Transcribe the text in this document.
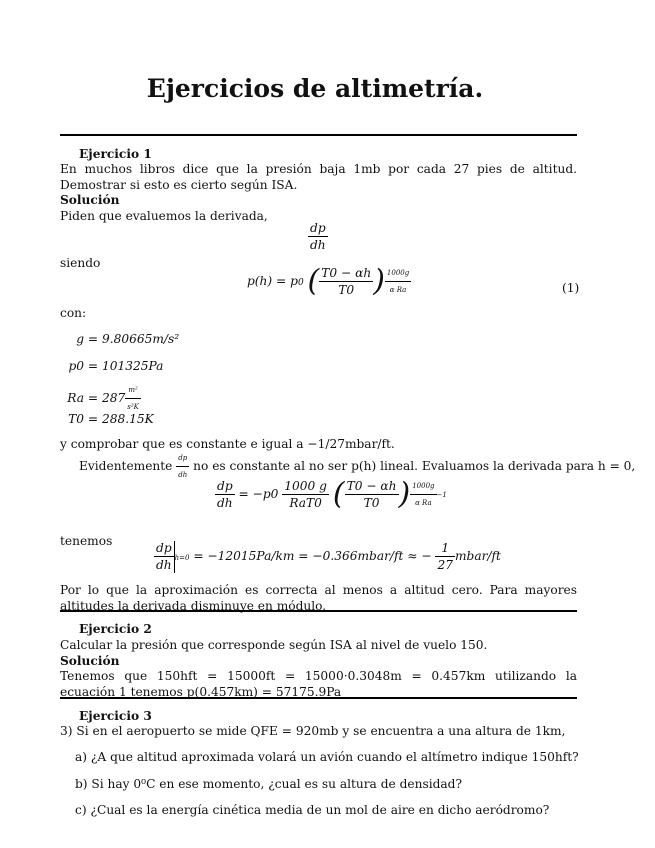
Ejercicios de altimetría.
Ejercicio 1
En muchos libros dice que la presión baja 1mb por cada 27 pies de altitud. Demostrar si esto es cierto según ISA.
Solución
Piden que evaluemos la derivada,
$\frac{dp}{dh}$
siendo
p(h) = p0 ( $\frac{T0 - \alpha h}{T0}$ ) $\frac{1000g}{\text{α Ra}}$	(1)
con:
g = 9.80665m/s²
p0 = 101325Pa
$Ra = 287 \frac{\text{m²}}{\text{s²K}}$
T0 = 288.15K
y comprobar que es constante e igual a −1/27mbar/ft.
Evidentemente $\frac{dp}{dh}$ no es constante al no ser p(h) lineal. Evaluamos la derivada para h = 0,
$\frac{dp}{dh} = -p0 \frac{1000 g}{\text{RaT0}}$ ( $\frac{T0 - \alpha h}{T0}$ ) $^{\frac{1000g}{\text{α Ra}} -1}$
tenemos	$\frac{dp}{dh} h=0 = -12015Pa/km$ = −0.366mbar/ft ≈ − $\frac{1}{27}$ mbar/ft
Por lo que la aproximación es correcta al menos a altitud cero. Para mayores altitudes la derivada disminuye en módulo.
Ejercicio 2
Calcular la presión que corresponde según ISA al nivel de vuelo 150.
Solución
Tenemos que 150hft = 15000ft = 15000·0.3048m = 0.457km utilizando la ecuación 1 tenemos p(0.457km) = 57175.9Pa
Ejercicio 3
3) Si en el aeropuerto se mide QFE = 920mb y se encuentra a una altura de 1km,
a) ¿A que altitud aproximada volará un avión cuando el altímetro indique 150hft?
b) Si hay 0⁰C en ese momento, ¿cual es su altura de densidad?
c) ¿Cual es la energía cinética media de un mol de aire en dicho aeródromo?
